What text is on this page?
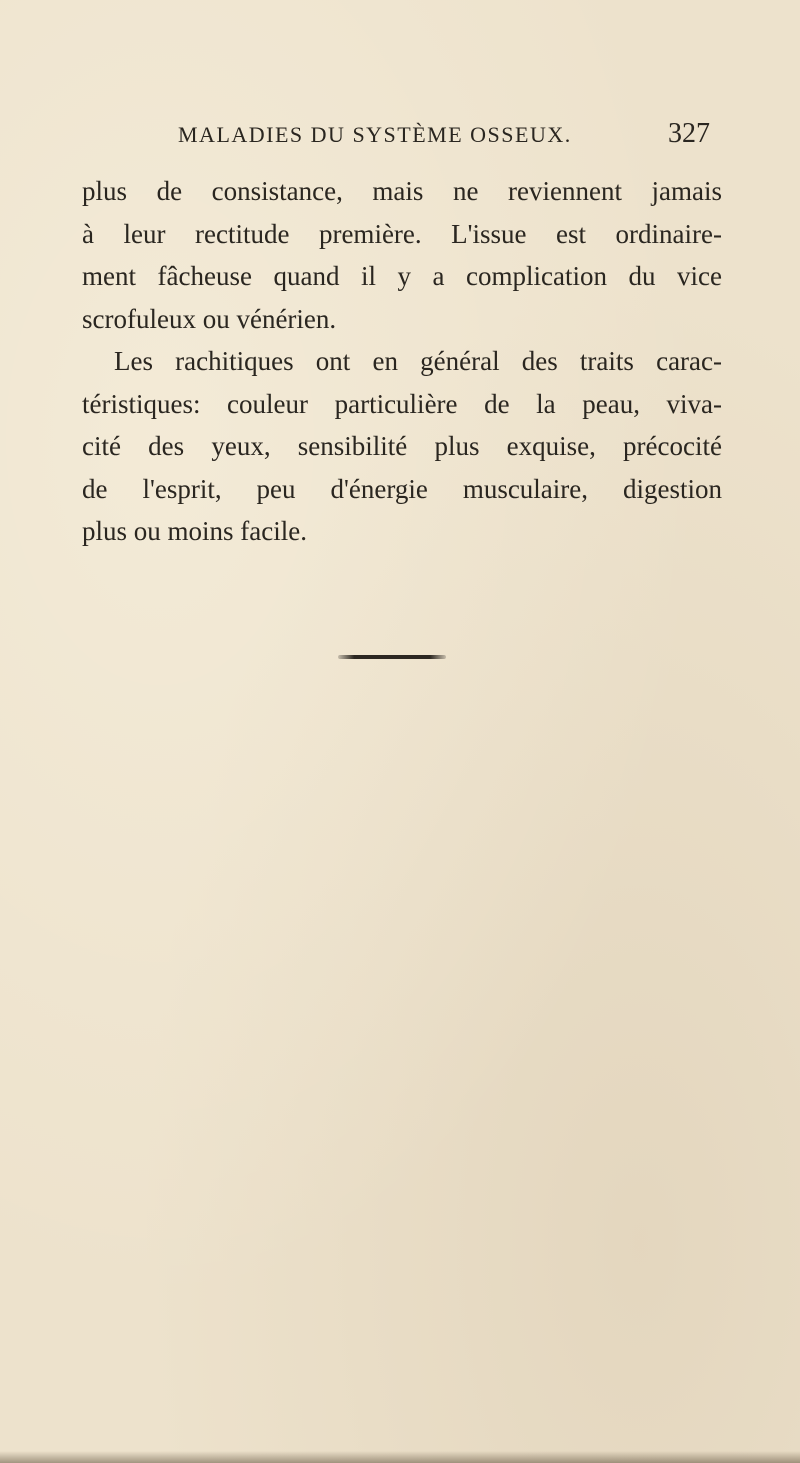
MALADIES DU SYSTÈME OSSEUX.	327
plus de consistance, mais ne reviennent jamais
à leur rectitude première. L'issue est ordinaire-
ment fâcheuse quand il y a complication du vice
scrofuleux ou vénérien.
Les rachitiques ont en général des traits carac-
téristiques: couleur particulière de la peau, viva-
cité des yeux, sensibilité plus exquise, précocité
de l'esprit, peu d'énergie musculaire, digestion
plus ou moins facile.
